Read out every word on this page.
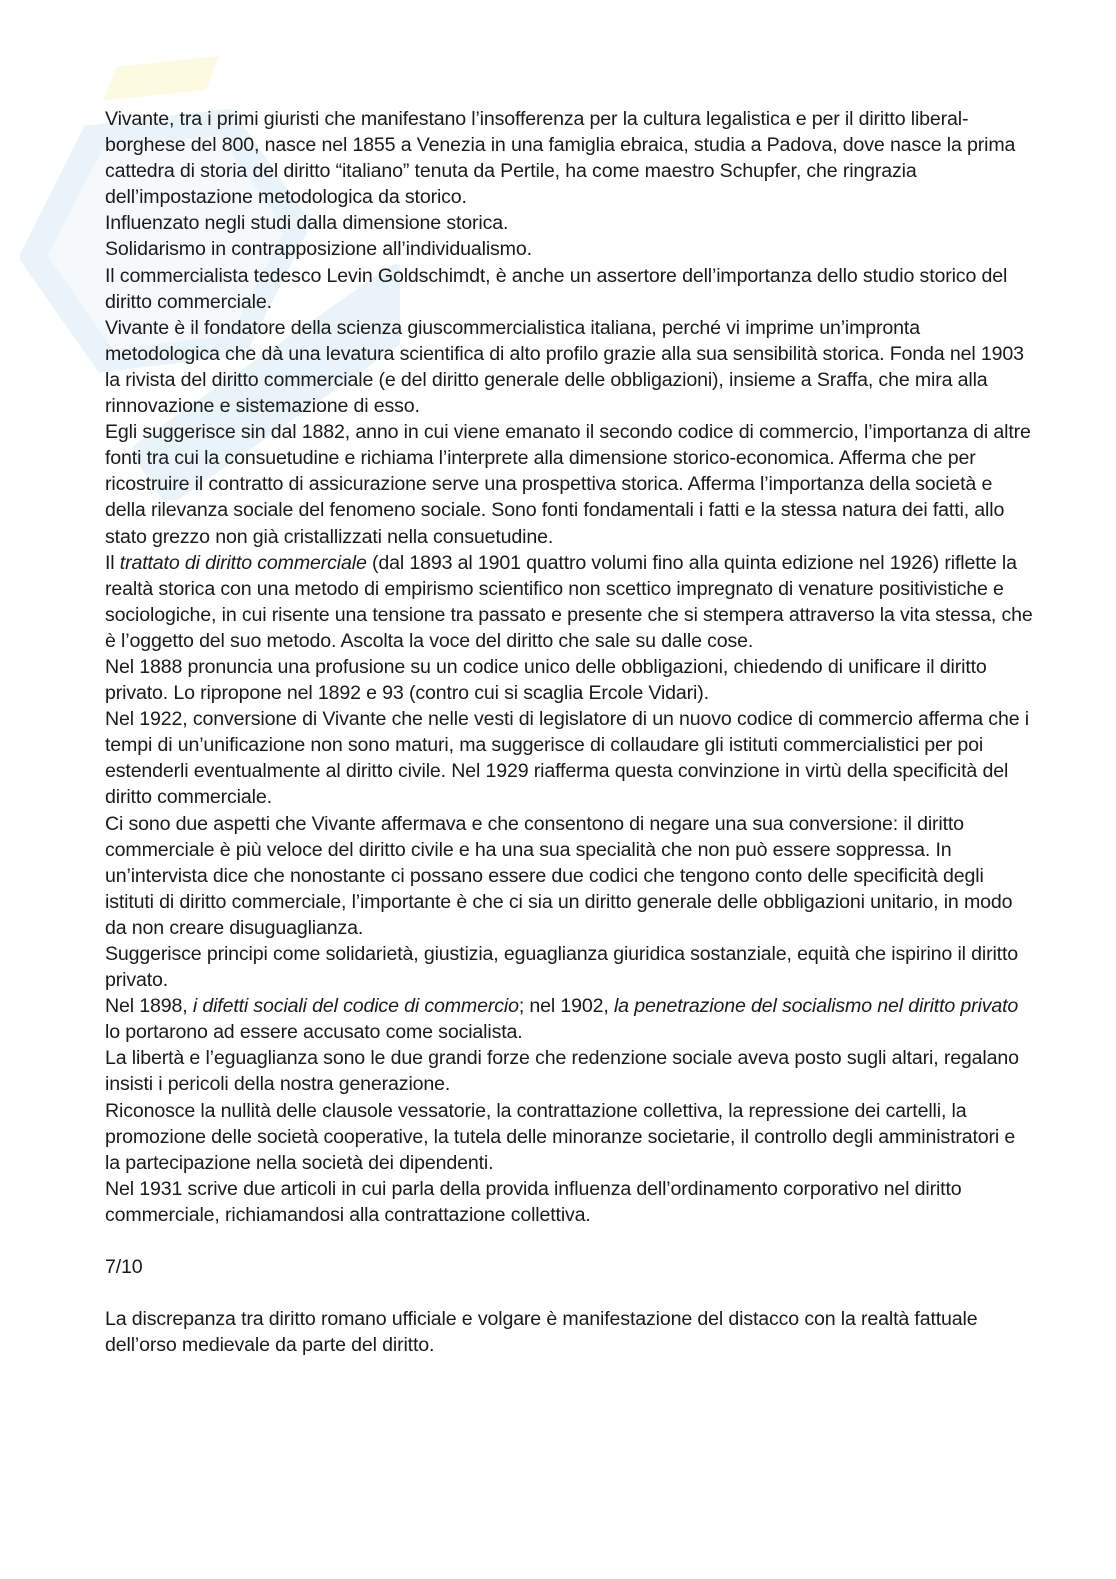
Vivante, tra i primi giuristi che manifestano l’insofferenza per la cultura legalistica e per il diritto liberal-borghese del 800, nasce nel 1855 a Venezia in una famiglia ebraica, studia a Padova, dove nasce la prima cattedra di storia del diritto “italiano” tenuta da Pertile, ha come maestro Schupfer, che ringrazia dell’impostazione metodologica da storico.

Influenzato negli studi dalla dimensione storica.

Solidarismo in contrapposizione all’individualismo.

Il commercialista tedesco Levin Goldschimdt, è anche un assertore dell’importanza dello studio storico del diritto commerciale.

Vivante è il fondatore della scienza giuscommercialistica italiana, perché vi imprime un’impronta metodologica che dà una levatura scientifica di alto profilo grazie alla sua sensibilità storica. Fonda nel 1903 la rivista del diritto commerciale (e del diritto generale delle obbligazioni), insieme a Sraffa, che mira alla rinnovazione e sistemazione di esso.

Egli suggerisce sin dal 1882, anno in cui viene emanato il secondo codice di commercio, l’importanza di altre fonti tra cui la consuetudine e richiama l’interprete alla dimensione storico-economica. Afferma che per ricostruire il contratto di assicurazione serve una prospettiva storica. Afferma l’importanza della società e della rilevanza sociale del fenomeno sociale. Sono fonti fondamentali i fatti e la stessa natura dei fatti, allo stato grezzo non già cristallizzati nella consuetudine.

Il trattato di diritto commerciale (dal 1893 al 1901 quattro volumi fino alla quinta edizione nel 1926) riflette la realtà storica con una metodo di empirismo scientifico non scettico impregnato di venature positivistiche e sociologiche, in cui risente una tensione tra passato e presente che si stempera attraverso la vita stessa, che è l’oggetto del suo metodo. Ascolta la voce del diritto che sale su dalle cose.

Nel 1888 pronuncia una profusione su un codice unico delle obbligazioni, chiedendo di unificare il diritto privato. Lo ripropone nel 1892 e 93 (contro cui si scaglia Ercole Vidari).

Nel 1922, conversione di Vivante che nelle vesti di legislatore di un nuovo codice di commercio afferma che i tempi di un’unificazione non sono maturi, ma suggerisce di collaudare gli istituti commercialistici per poi estenderli eventualmente al diritto civile. Nel 1929 riafferma questa convinzione in virtù della specificità del diritto commerciale.

Ci sono due aspetti che Vivante affermava e che consentono di negare una sua conversione: il diritto commerciale è più veloce del diritto civile e ha una sua specialità che non può essere soppressa. In un’intervista dice che nonostante ci possano essere due codici che tengono conto delle specificità degli istituti di diritto commerciale, l’importante è che ci sia un diritto generale delle obbligazioni unitario, in modo da non creare disuguaglianza.

Suggerisce principi come solidarietà, giustizia, eguaglianza giuridica sostanziale, equità che ispirino il diritto privato.

Nel 1898, i difetti sociali del codice di commercio; nel 1902, la penetrazione del socialismo nel diritto privato lo portarono ad essere accusato come socialista.

La libertà e l’eguaglianza sono le due grandi forze che redenzione sociale aveva posto sugli altari, regalano insisti i pericoli della nostra generazione.

Riconosce la nullità delle clausole vessatorie, la contrattazione collettiva, la repressione dei cartelli, la promozione delle società cooperative, la tutela delle minoranze societarie, il controllo degli amministratori e la partecipazione nella società dei dipendenti.

Nel 1931 scrive due articoli in cui parla della provida influenza dell’ordinamento corporativo nel diritto commerciale, richiamandosi alla contrattazione collettiva.

7/10

La discrepanza tra diritto romano ufficiale e volgare è manifestazione del distacco con la realtà fattuale dell’orso medievale da parte del diritto.
